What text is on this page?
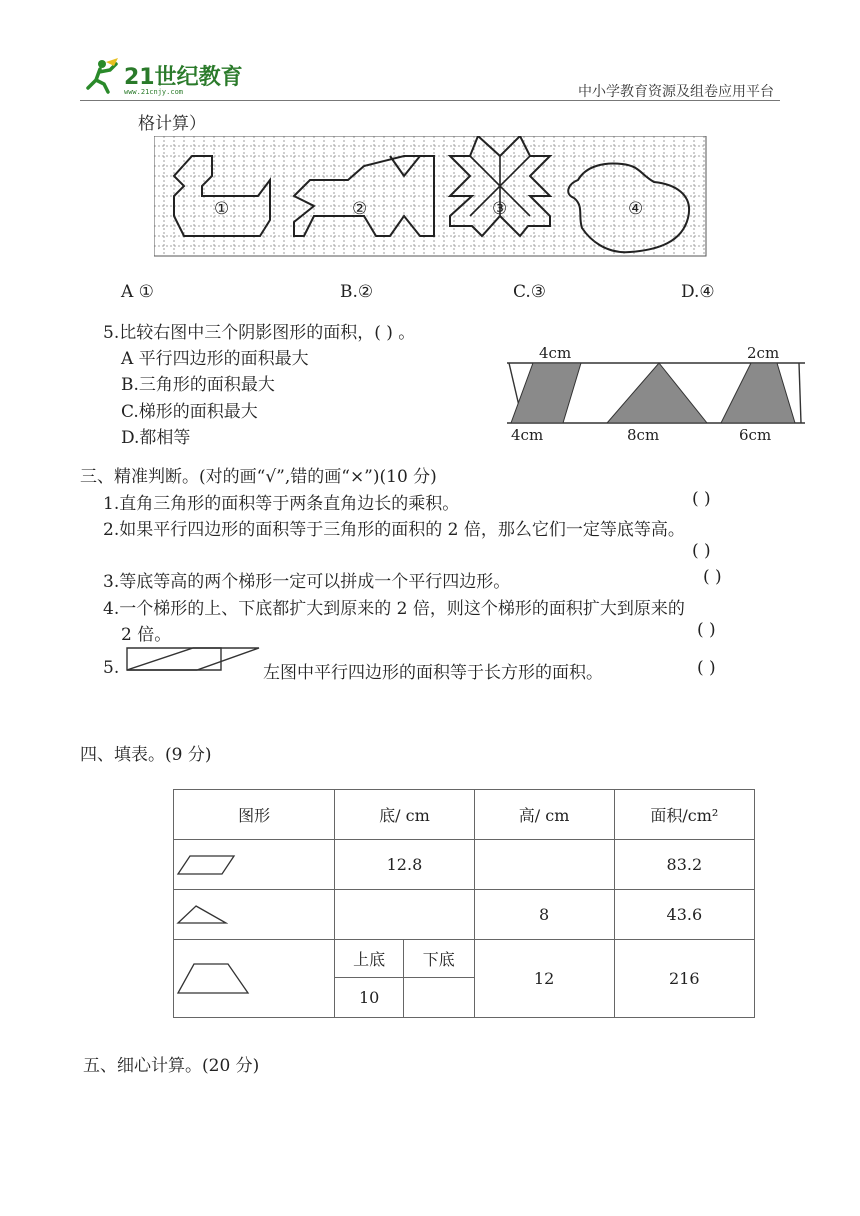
21世纪教育
www.21cnjy.com	中小学教育资源及组卷应用平台
格计算）
①	②	③	④
A ①	B.②	C.③	D.④
5.比较右图中三个阴影图形的面积，( ) 。
A 平行四边形的面积最大
B.三角形的面积最大
C.梯形的面积最大
D.都相等
4cm	2cm
4cm	8cm	6cm
三、精准判断。(对的画“√”,错的画“×”)(10 分)
1.直角三角形的面积等于两条直角边长的乘积。	( )
2.如果平行四边形的面积等于三角形的面积的 2 倍，那么它们一定等底等高。
( )
3.等底等高的两个梯形一定可以拼成一个平行四边形。	( )
4.一个梯形的上、下底都扩大到原来的 2 倍，则这个梯形的面积扩大到原来的
2 倍。	( )
5.	左图中平行四边形的面积等于长方形的面积。	( )
四、填表。(9 分)
图形	底/ cm		高/ cm	面积/cm²

	12.8			83.2

		8	43.6

	上底	下底	12	216
	10			
五、细心计算。(20 分)
